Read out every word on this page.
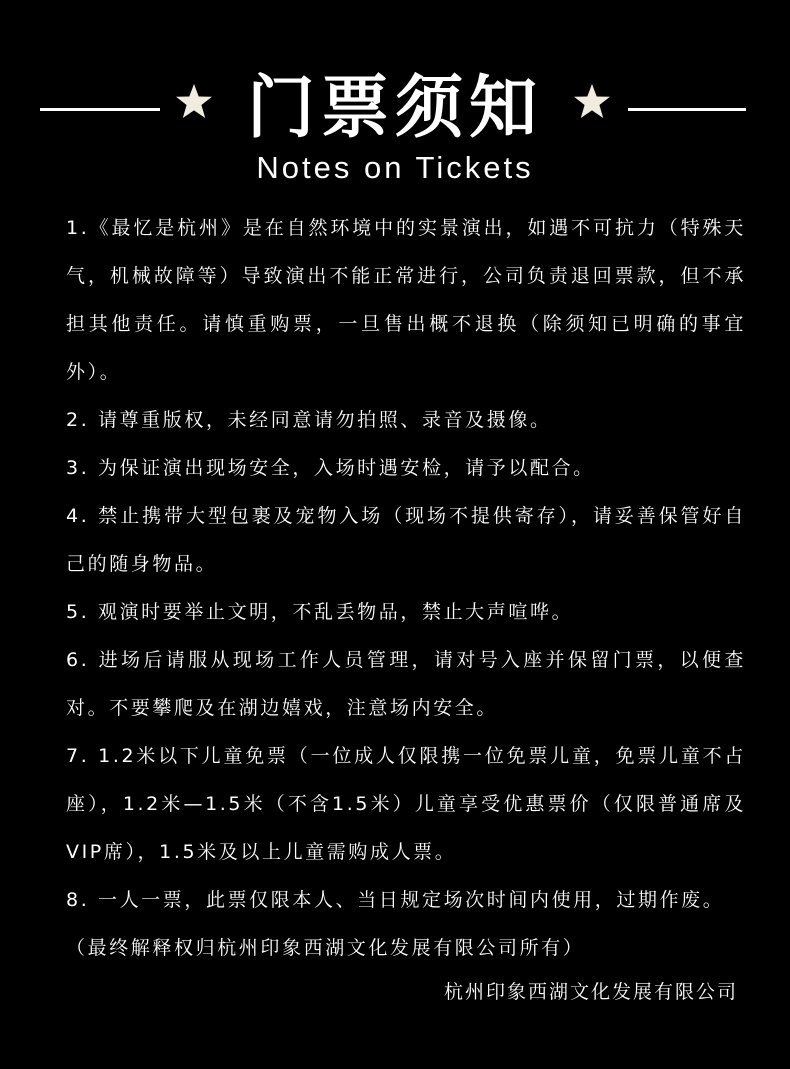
门票须知
Notes on Tickets

1.《最忆是杭州》是在自然环境中的实景演出，如遇不可抗力（特殊天气，机械故障等）导致演出不能正常进行，公司负责退回票款，但不承担其他责任。请慎重购票，一旦售出概不退换（除须知已明确的事宜外）。

2. 请尊重版权，未经同意请勿拍照、录音及摄像。

3. 为保证演出现场安全，入场时遇安检，请予以配合。

4. 禁止携带大型包裹及宠物入场（现场不提供寄存），请妥善保管好自己的随身物品。

5. 观演时要举止文明，不乱丢物品，禁止大声喧哗。

6. 进场后请服从现场工作人员管理，请对号入座并保留门票，以便查对。不要攀爬及在湖边嬉戏，注意场内安全。

7. 1.2米以下儿童免票（一位成人仅限携一位免票儿童，免票儿童不占座），1.2米—1.5米（不含1.5米）儿童享受优惠票价（仅限普通席及VIP席），1.5米及以上儿童需购成人票。

8. 一人一票，此票仅限本人、当日规定场次时间内使用，过期作废。

（最终解释权归杭州印象西湖文化发展有限公司所有）

杭州印象西湖文化发展有限公司
